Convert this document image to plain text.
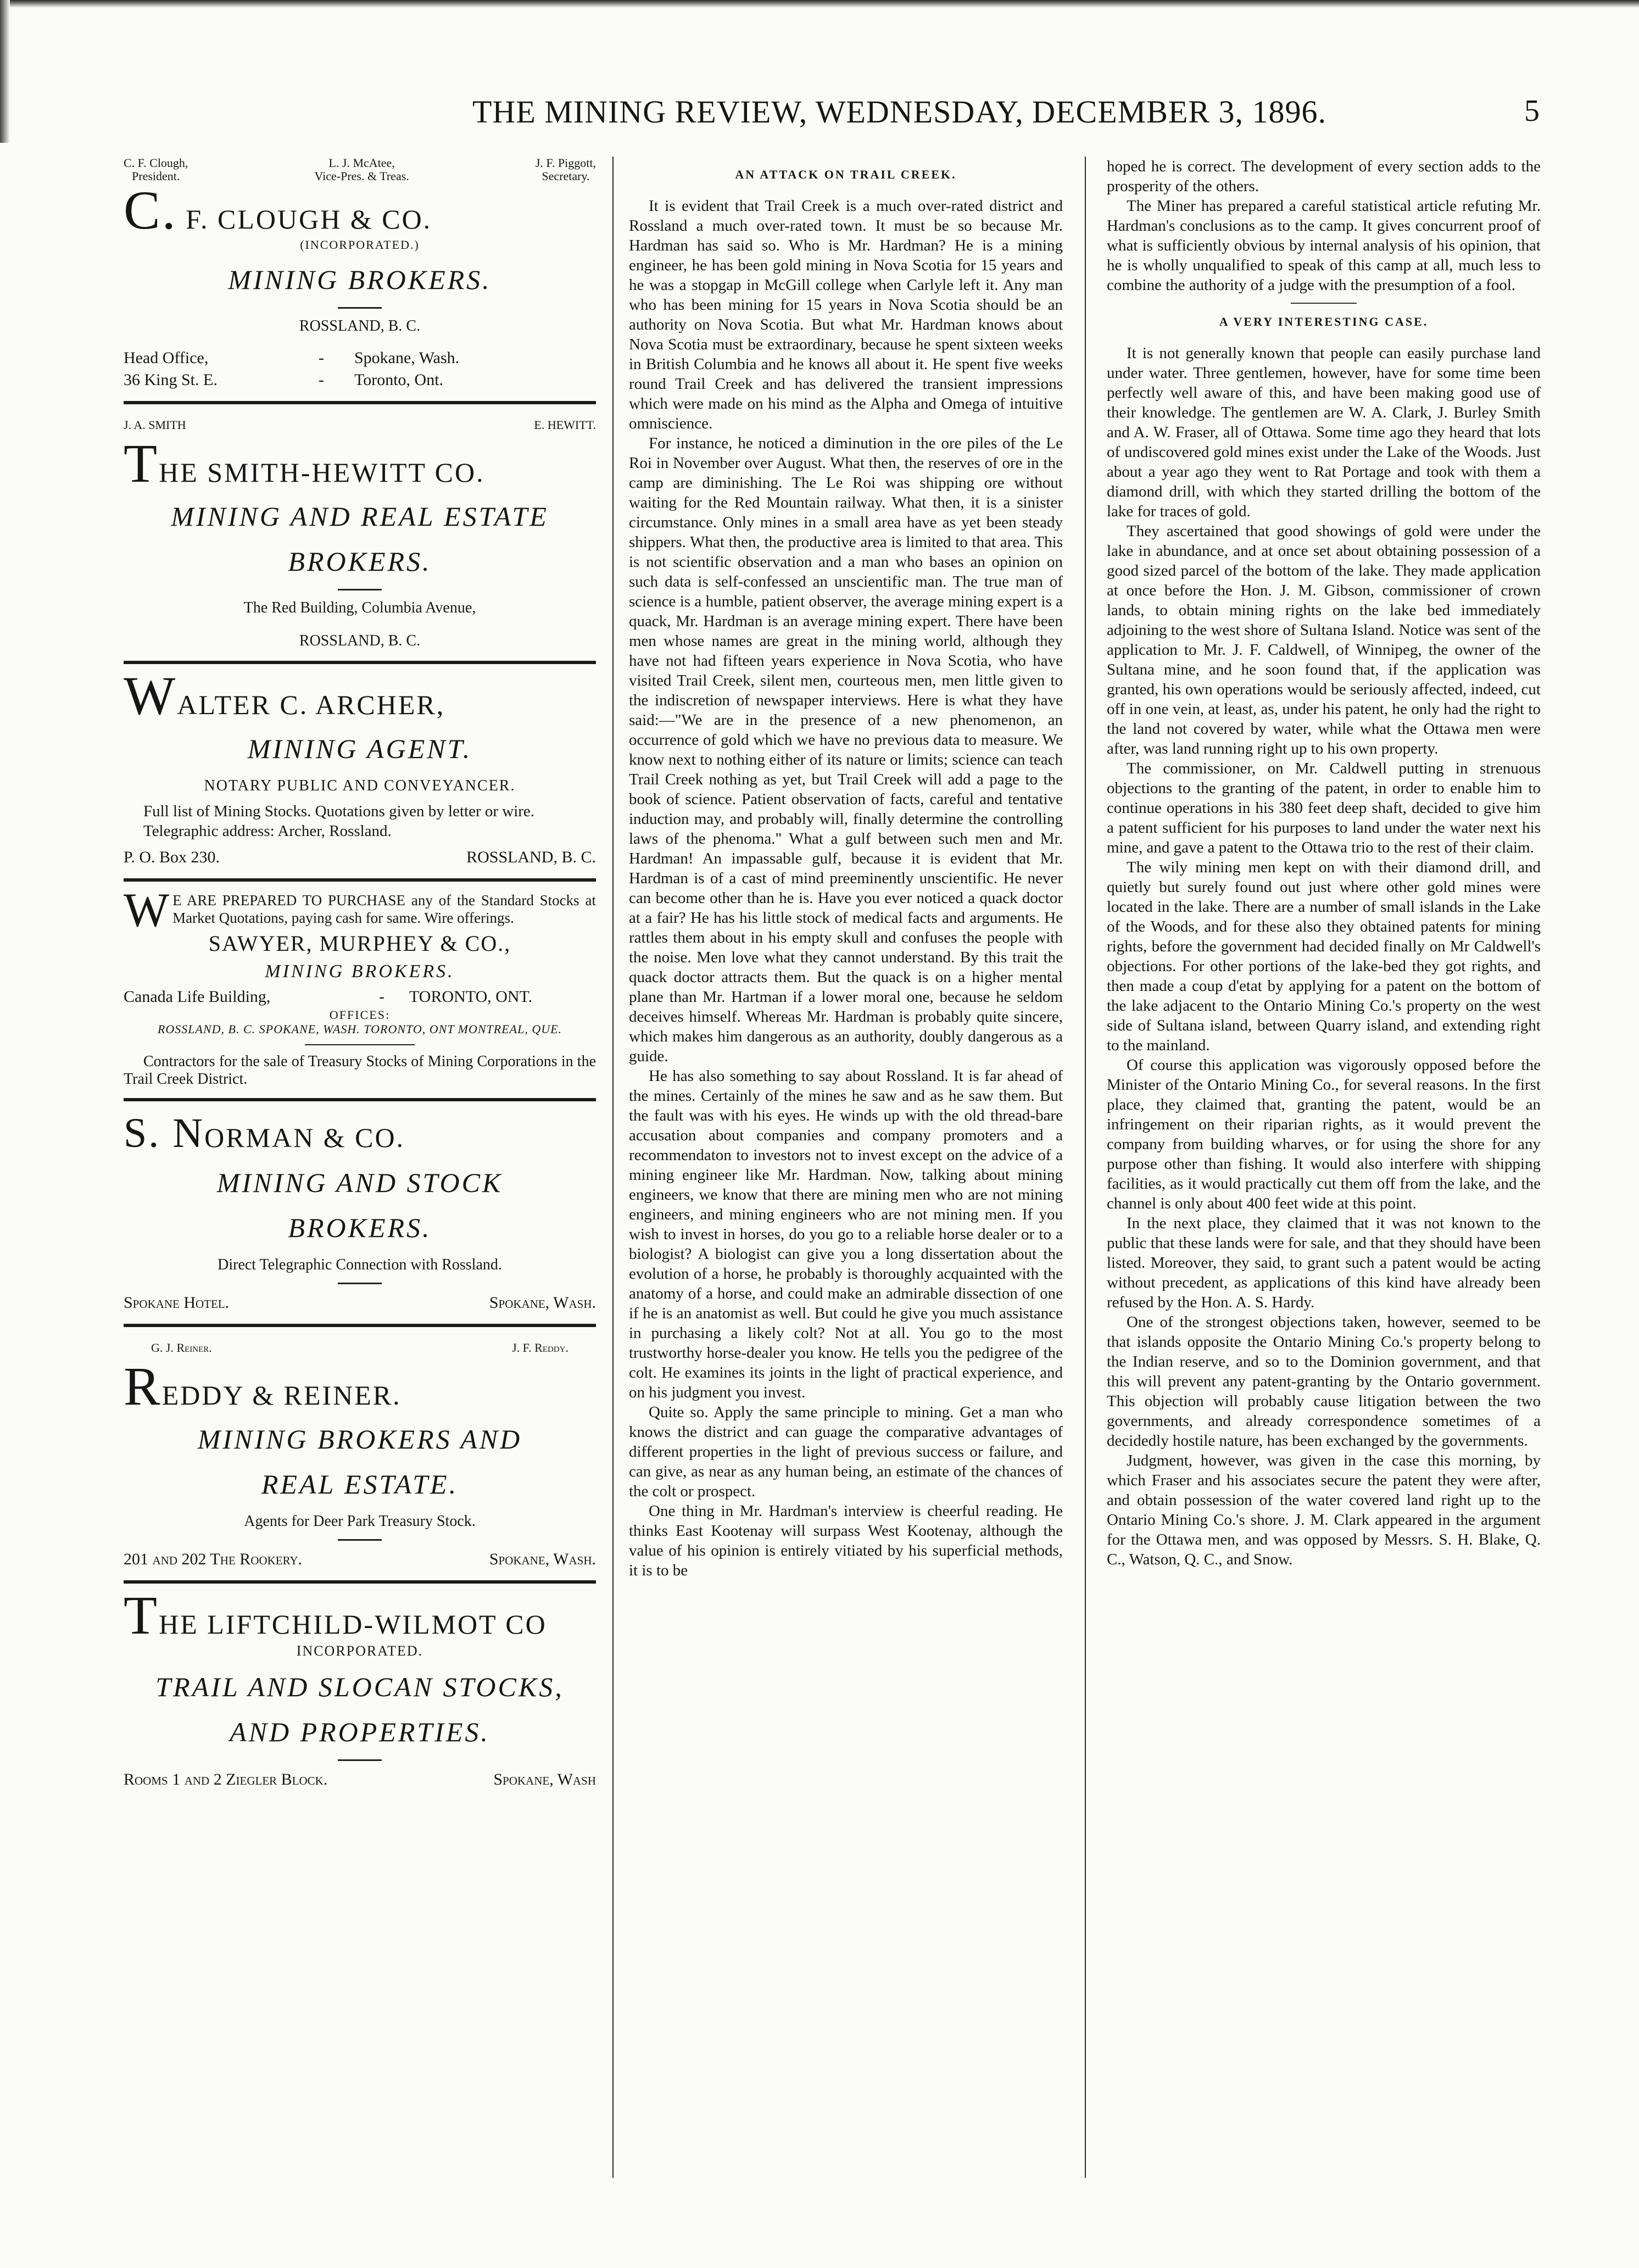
THE MINING REVIEW, WEDNESDAY, DECEMBER 3, 1896.	5
C. F. Clough,
President.
L. J. McAtee,
Vice-Pres. & Treas.
J. F. Piggott,
Secretary.
C. F. CLOUGH & CO.
(INCORPORATED.)
MINING BROKERS.
ROSSLAND, B. C.
Head Office,	-	Spokane, Wash.
36 King St. E.	-	Toronto, Ont.
J. A. SMITH	E. HEWITT.
THE SMITH-HEWITT CO.
MINING AND REAL ESTATE
BROKERS.
The Red Building, Columbia Avenue,
ROSSLAND, B. C.
WALTER C. ARCHER,
MINING AGENT.
NOTARY PUBLIC AND CONVEYANCER.

Full list of Mining Stocks. Quotations given by letter or wire.

Telegraphic address: Archer, Rossland.

P. O. Box 230.	ROSSLAND, B. C.
W E ARE PREPARED TO PURCHASE any of the Standard Stocks at Market Quotations, paying cash for same. Wire offerings.
SAWYER, MURPHEY & CO.,
MINING BROKERS.
Canada Life Building,	-	TORONTO, ONT.
OFFICES:
ROSSLAND, B. C. SPOKANE, WASH. TORONTO, ONT MONTREAL, QUE.

Contractors for the sale of Treasury Stocks of Mining Corporations in the Trail Creek District.

S. NORMAN & CO.
MINING AND STOCK
BROKERS.
Direct Telegraphic Connection with Rossland.
Spokane Hotel.	Spokane, Wash.
G. J. Reiner.	J. F. Reddy.
REDDY & REINER.
MINING BROKERS AND
REAL ESTATE.
Agents for Deer Park Treasury Stock.
201 and 202 The Rookery.	Spokane, Wash.
THE LIFTCHILD-WILMOT CO
INCORPORATED.
TRAIL AND SLOCAN STOCKS,
AND PROPERTIES.
Rooms 1 and 2 Ziegler Block.	Spokane, Wash
AN ATTACK ON TRAIL CREEK.

It is evident that Trail Creek is a much over-rated district and Rossland a much over-rated town. It must be so because Mr. Hardman has said so. Who is Mr. Hardman? He is a mining engineer, he has been gold mining in Nova Scotia for 15 years and he was a stopgap in McGill college when Carlyle left it. Any man who has been mining for 15 years in Nova Scotia should be an authority on Nova Scotia. But what Mr. Hardman knows about Nova Scotia must be extraordinary, because he spent sixteen weeks in British Columbia and he knows all about it. He spent five weeks round Trail Creek and has delivered the transient impressions which were made on his mind as the Alpha and Omega of intuitive omniscience.

For instance, he noticed a diminution in the ore piles of the Le Roi in November over August. What then, the reserves of ore in the camp are diminishing. The Le Roi was shipping ore without waiting for the Red Mountain railway. What then, it is a sinister circumstance. Only mines in a small area have as yet been steady shippers. What then, the productive area is limited to that area. This is not scientific observation and a man who bases an opinion on such data is self-confessed an unscientific man. The true man of science is a humble, patient observer, the average mining expert is a quack, Mr. Hardman is an average mining expert. There have been men whose names are great in the mining world, although they have not had fifteen years experience in Nova Scotia, who have visited Trail Creek, silent men, courteous men, men little given to the indiscretion of newspaper interviews. Here is what they have said:—"We are in the presence of a new phenomenon, an occurrence of gold which we have no previous data to measure. We know next to nothing either of its nature or limits; science can teach Trail Creek nothing as yet, but Trail Creek will add a page to the book of science. Patient observation of facts, careful and tentative induction may, and probably will, finally determine the controlling laws of the phenoma." What a gulf between such men and Mr. Hardman! An impassable gulf, because it is evident that Mr. Hardman is of a cast of mind preeminently unscientific. He never can become other than he is. Have you ever noticed a quack doctor at a fair? He has his little stock of medical facts and arguments. He rattles them about in his empty skull and confuses the people with the noise. Men love what they cannot understand. By this trait the quack doctor attracts them. But the quack is on a higher mental plane than Mr. Hartman if a lower moral one, because he seldom deceives himself. Whereas Mr. Hardman is probably quite sincere, which makes him dangerous as an authority, doubly dangerous as a guide.

He has also something to say about Rossland. It is far ahead of the mines. Certainly of the mines he saw and as he saw them. But the fault was with his eyes. He winds up with the old thread-bare accusation about companies and company promoters and a recommendaton to investors not to invest except on the advice of a mining engineer like Mr. Hardman. Now, talking about mining engineers, we know that there are mining men who are not mining engineers, and mining engineers who are not mining men. If you wish to invest in horses, do you go to a reliable horse dealer or to a biologist? A biologist can give you a long dissertation about the evolution of a horse, he probably is thoroughly acquainted with the anatomy of a horse, and could make an admirable dissection of one if he is an anatomist as well. But could he give you much assistance in purchasing a likely colt? Not at all. You go to the most trustworthy horse-dealer you know. He tells you the pedigree of the colt. He examines its joints in the light of practical experience, and on his judgment you invest.

Quite so. Apply the same principle to mining. Get a man who knows the district and can guage the comparative advantages of different properties in the light of previous success or failure, and can give, as near as any human being, an estimate of the chances of the colt or prospect.

One thing in Mr. Hardman's interview is cheerful reading. He thinks East Kootenay will surpass West Kootenay, although the value of his opinion is entirely vitiated by his superficial methods, it is to be

hoped he is correct. The development of every section adds to the prosperity of the others.

The Miner has prepared a careful statistical article refuting Mr. Hardman's conclusions as to the camp. It gives concurrent proof of what is sufficiently obvious by internal analysis of his opinion, that he is wholly unqualified to speak of this camp at all, much less to combine the authority of a judge with the presumption of a fool.

A VERY INTERESTING CASE.

It is not generally known that people can easily purchase land under water. Three gentlemen, however, have for some time been perfectly well aware of this, and have been making good use of their knowledge. The gentlemen are W. A. Clark, J. Burley Smith and A. W. Fraser, all of Ottawa. Some time ago they heard that lots of undiscovered gold mines exist under the Lake of the Woods. Just about a year ago they went to Rat Portage and took with them a diamond drill, with which they started drilling the bottom of the lake for traces of gold.

They ascertained that good showings of gold were under the lake in abundance, and at once set about obtaining possession of a good sized parcel of the bottom of the lake. They made application at once before the Hon. J. M. Gibson, commissioner of crown lands, to obtain mining rights on the lake bed immediately adjoining to the west shore of Sultana Island. Notice was sent of the application to Mr. J. F. Caldwell, of Winnipeg, the owner of the Sultana mine, and he soon found that, if the application was granted, his own operations would be seriously affected, indeed, cut off in one vein, at least, as, under his patent, he only had the right to the land not covered by water, while what the Ottawa men were after, was land running right up to his own property.

The commissioner, on Mr. Caldwell putting in strenuous objections to the granting of the patent, in order to enable him to continue operations in his 380 feet deep shaft, decided to give him a patent sufficient for his purposes to land under the water next his mine, and gave a patent to the Ottawa trio to the rest of their claim.

The wily mining men kept on with their diamond drill, and quietly but surely found out just where other gold mines were located in the lake. There are a number of small islands in the Lake of the Woods, and for these also they obtained patents for mining rights, before the government had decided finally on Mr Caldwell's objections. For other portions of the lake-bed they got rights, and then made a coup d'etat by applying for a patent on the bottom of the lake adjacent to the Ontario Mining Co.'s property on the west side of Sultana island, between Quarry island, and extending right to the mainland.

Of course this application was vigorously opposed before the Minister of the Ontario Mining Co., for several reasons. In the first place, they claimed that, granting the patent, would be an infringement on their riparian rights, as it would prevent the company from building wharves, or for using the shore for any purpose other than fishing. It would also interfere with shipping facilities, as it would practically cut them off from the lake, and the channel is only about 400 feet wide at this point.

In the next place, they claimed that it was not known to the public that these lands were for sale, and that they should have been listed. Moreover, they said, to grant such a patent would be acting without precedent, as applications of this kind have already been refused by the Hon. A. S. Hardy.

One of the strongest objections taken, however, seemed to be that islands opposite the Ontario Mining Co.'s property belong to the Indian reserve, and so to the Dominion government, and that this will prevent any patent-granting by the Ontario government. This objection will probably cause litigation between the two governments, and already correspondence sometimes of a decidedly hostile nature, has been exchanged by the governments.

Judgment, however, was given in the case this morning, by which Fraser and his associates secure the patent they were after, and obtain possession of the water covered land right up to the Ontario Mining Co.'s shore. J. M. Clark appeared in the argument for the Ottawa men, and was opposed by Messrs. S. H. Blake, Q. C., Watson, Q. C., and Snow.
